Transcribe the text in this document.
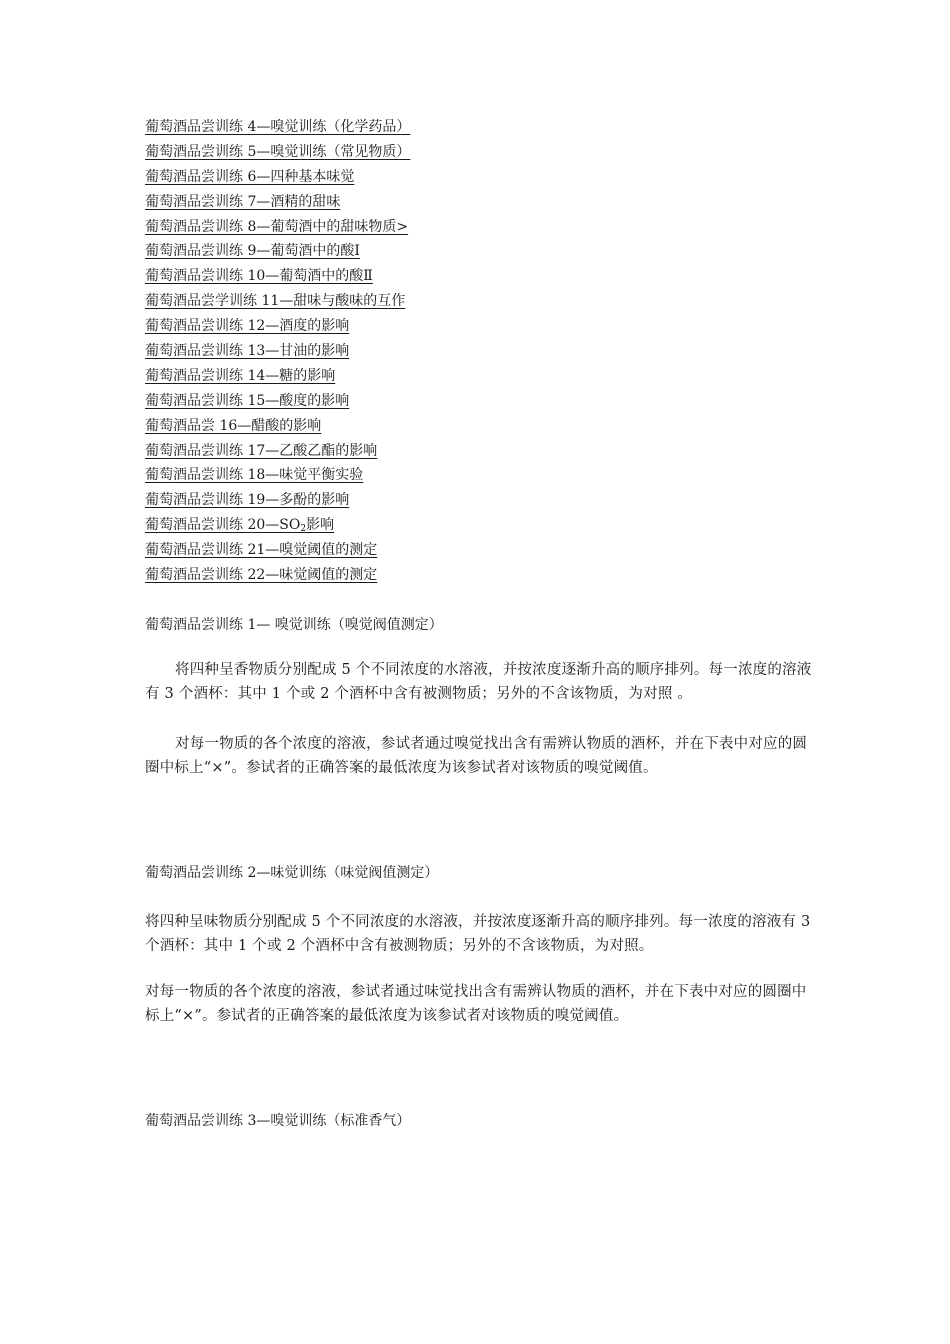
葡萄酒品尝训练 4—嗅觉训练（化学药品）
葡萄酒品尝训练 5—嗅觉训练（常见物质）
葡萄酒品尝训练 6—四种基本味觉
葡萄酒品尝训练 7—酒精的甜味
葡萄酒品尝训练 8—葡萄酒中的甜味物质>
葡萄酒品尝训练 9—葡萄酒中的酸Ⅰ
葡萄酒品尝训练 10—葡萄酒中的酸Ⅱ
葡萄酒品尝学训练 11—甜味与酸味的互作
葡萄酒品尝训练 12—酒度的影响
葡萄酒品尝训练 13—甘油的影响
葡萄酒品尝训练 14—糖的影响
葡萄酒品尝训练 15—酸度的影响
葡萄酒品尝 16—醋酸的影响
葡萄酒品尝训练 17—乙酸乙酯的影响
葡萄酒品尝训练 18—味觉平衡实验
葡萄酒品尝训练 19—多酚的影响
葡萄酒品尝训练 $20—SO_2$影响
葡萄酒品尝训练 21—嗅觉阈值的测定
葡萄酒品尝训练 22—味觉阈值的测定

葡萄酒品尝训练 1— 嗅觉训练（嗅觉阀值测定）

将四种呈香物质分别配成 5 个不同浓度的水溶液，并按浓度逐渐升高的顺序排列。每一浓度的溶液有 3 个酒杯：其中 1 个或 2 个酒杯中含有被测物质；另外的不含该物质，为对照 。

对每一物质的各个浓度的溶液，参试者通过嗅觉找出含有需辨认物质的酒杯，并在下表中对应的圆圈中标上“×”。参试者的正确答案的最低浓度为该参试者对该物质的嗅觉阈值。

葡萄酒品尝训练 2—味觉训练（味觉阀值测定）

将四种呈味物质分别配成 5 个不同浓度的水溶液，并按浓度逐渐升高的顺序排列。每一浓度的溶液有 3 个酒杯：其中 1 个或 2 个酒杯中含有被测物质；另外的不含该物质，为对照。

对每一物质的各个浓度的溶液，参试者通过味觉找出含有需辨认物质的酒杯，并在下表中对应的圆圈中标上“×”。参试者的正确答案的最低浓度为该参试者对该物质的嗅觉阈值。

葡萄酒品尝训练 3—嗅觉训练（标准香气）
